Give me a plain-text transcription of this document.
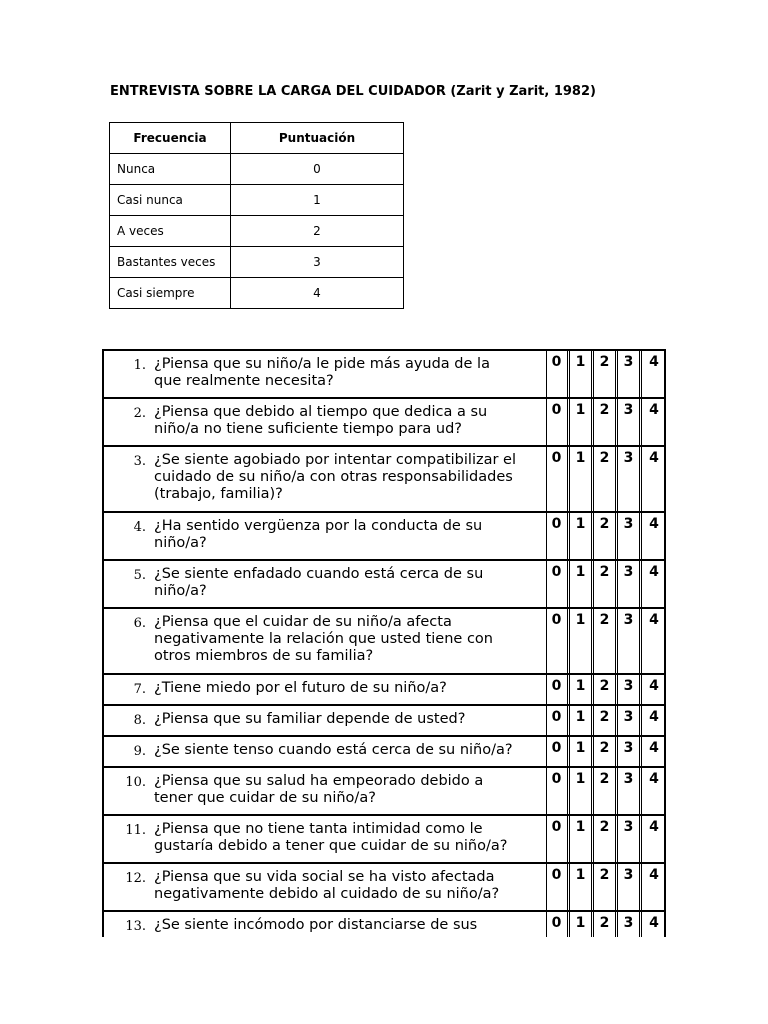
ENTREVISTA SOBRE LA CARGA DEL CUIDADOR (Zarit y Zarit, 1982)
Frecuencia	Puntuación
Nunca	0
Casi nunca	1
A veces	2
Bastantes veces	3
Casi siempre	4
1. ¿Piensa que su niño/a le pide más ayuda de la
que realmente necesita?
0	1	2	3	4
2. ¿Piensa que debido al tiempo que dedica a su
niño/a no tiene suficiente tiempo para ud?
0	1	2	3	4
3. ¿Se siente agobiado por intentar compatibilizar el
cuidado de su niño/a con otras responsabilidades
(trabajo, familia)?
0	1	2	3	4
4. ¿Ha sentido vergüenza por la conducta de su
niño/a?
0	1	2	3	4
5. ¿Se siente enfadado cuando está cerca de su
niño/a?
0	1	2	3	4
6. ¿Piensa que el cuidar de su niño/a afecta
negativamente la relación que usted tiene con
otros miembros de su familia?
0	1	2	3	4
7. ¿Tiene miedo por el futuro de su niño/a?	0	1	2	3	4
8. ¿Piensa que su familiar depende de usted?	0	1	2	3	4
9. ¿Se siente tenso cuando está cerca de su niño/a?	0	1	2	3	4
10. ¿Piensa que su salud ha empeorado debido a
tener que cuidar de su niño/a?
0	1	2	3	4
11. ¿Piensa que no tiene tanta intimidad como le
gustaría debido a tener que cuidar de su niño/a?
0	1	2	3	4
12. ¿Piensa que su vida social se ha visto afectada
negativamente debido al cuidado de su niño/a?
0	1	2	3	4
13. ¿Se siente incómodo por distanciarse de sus	0	1	2	3	4
